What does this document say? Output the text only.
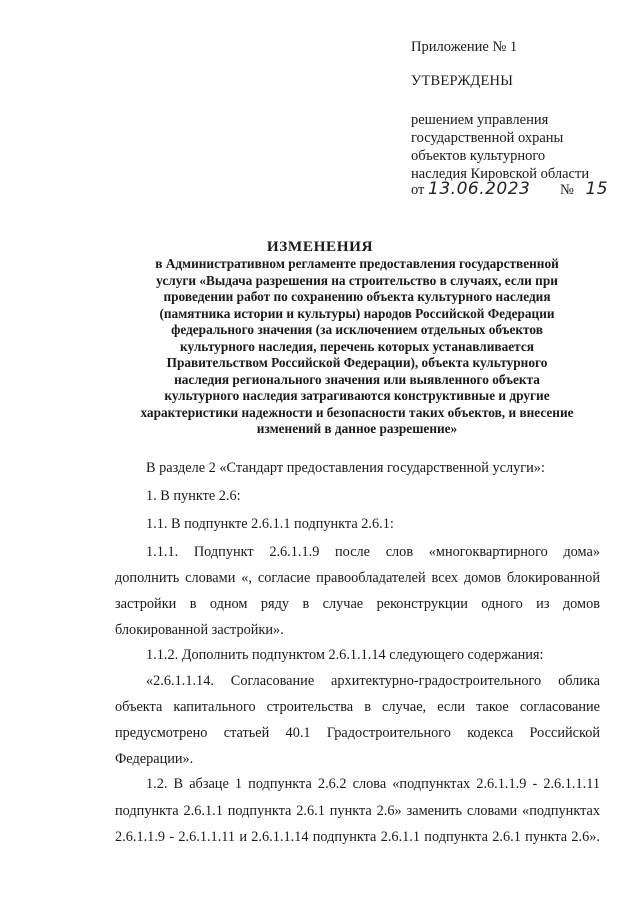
Приложение № 1
УТВЕРЖДЕНЫ
решением управления
государственной охраны
объектов культурного
наследия Кировской области
от 13.06.2023 № 15
ИЗМЕНЕНИЯ
в Административном регламенте предоставления государственной
услуги «Выдача разрешения на строительство в случаях, если при
проведении работ по сохранению объекта культурного наследия
(памятника истории и культуры) народов Российской Федерации
федерального значения (за исключением отдельных объектов
культурного наследия, перечень которых устанавливается
Правительством Российской Федерации), объекта культурного
наследия регионального значения или выявленного объекта
культурного наследия затрагиваются конструктивные и другие
характеристики надежности и безопасности таких объектов, и внесение
изменений в данное разрешение»
В разделе 2 «Стандарт предоставления государственной услуги»:
1. В пункте 2.6:
1.1. В подпункте 2.6.1.1 подпункта 2.6.1:
1.1.1. Подпункт 2.6.1.1.9 после слов «многоквартирного дома»
дополнить словами «, согласие правообладателей всех домов блокированной
застройки в одном ряду в случае реконструкции одного из домов
блокированной застройки».
1.1.2. Дополнить подпунктом 2.6.1.1.14 следующего содержания:
«2.6.1.1.14. Согласование архитектурно-градостроительного облика
объекта капитального строительства в случае, если такое согласование
предусмотрено статьей 40.1 Градостроительного кодекса Российской
Федерации».
1.2. В абзаце 1 подпункта 2.6.2 слова «подпунктах 2.6.1.1.9 - 2.6.1.1.11
подпункта 2.6.1.1 подпункта 2.6.1 пункта 2.6» заменить словами «подпунктах
2.6.1.1.9 - 2.6.1.1.11 и 2.6.1.1.14 подпункта 2.6.1.1 подпункта 2.6.1 пункта 2.6».
